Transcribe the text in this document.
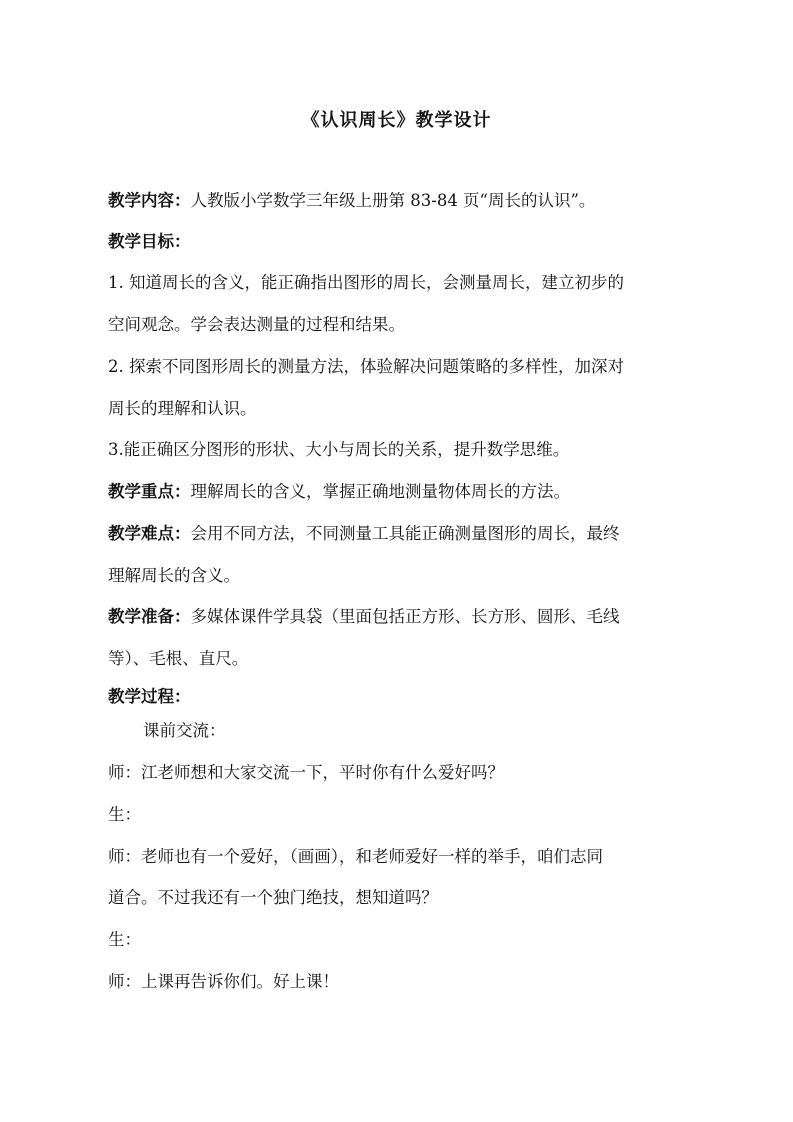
《认识周长》教学设计
教学内容：人教版小学数学三年级上册第 83-84 页“周长的认识”。
教学目标：
1. 知道周长的含义，能正确指出图形的周长，会测量周长，建立初步的
空间观念。学会表达测量的过程和结果。
2. 探索不同图形周长的测量方法，体验解决问题策略的多样性，加深对
周长的理解和认识。
3.能正确区分图形的形状、大小与周长的关系，提升数学思维。
教学重点：理解周长的含义，掌握正确地测量物体周长的方法。
教学难点：会用不同方法，不同测量工具能正确测量图形的周长，最终
理解周长的含义。
教学准备：多媒体课件学具袋（里面包括正方形、长方形、圆形、毛线
等）、毛根、直尺。
教学过程：
课前交流：
师：江老师想和大家交流一下，平时你有什么爱好吗？
生：
师：老师也有一个爱好，（画画），和老师爱好一样的举手，咱们志同
道合。不过我还有一个独门绝技，想知道吗？
生：
师：上课再告诉你们。好上课！
